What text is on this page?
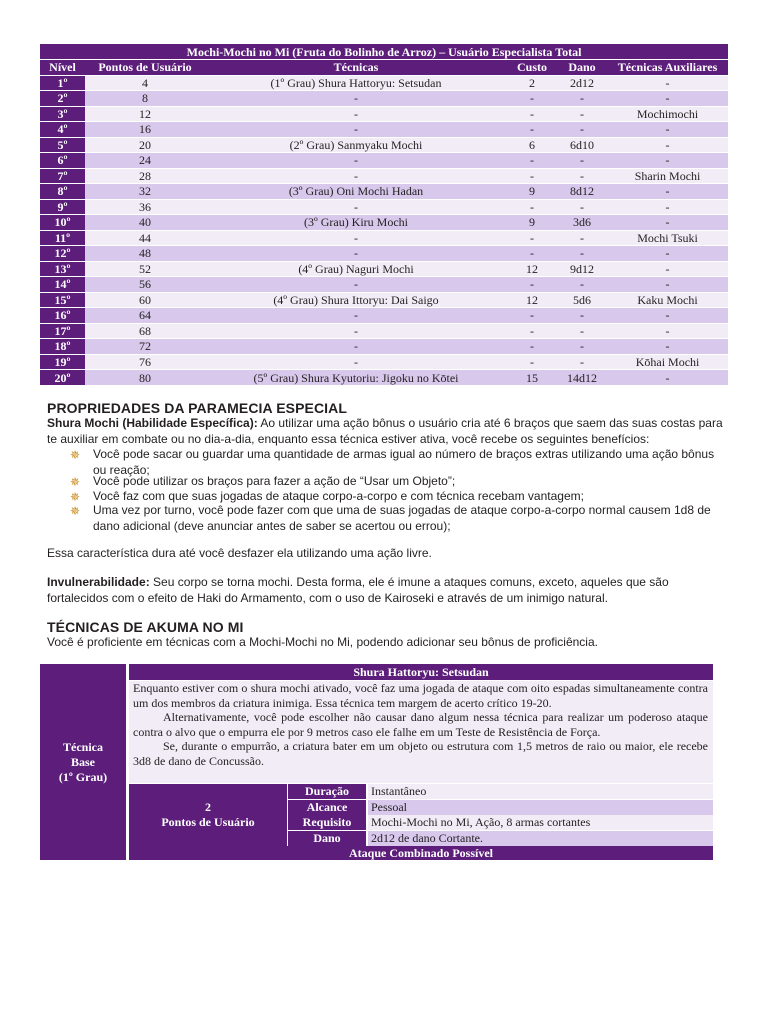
Mochi-Mochi no Mi (Fruta do Bolinho de Arroz) – Usuário Especialista Total					
Nível	Pontos de Usuário	Técnicas	Custo	Dano	Técnicas Auxiliares
1º	4	(1º Grau) Shura Hattoryu: Setsudan	2	2d12	-
2º	8	-	-	-	-
3º	12	-	-	-	Mochimochi
4º	16	-	-	-	-
5º	20	(2º Grau) Sanmyaku Mochi	6	6d10	-
6º	24	-	-	-	-
7º	28	-	-	-	Sharin Mochi
8º	32	(3º Grau) Oni Mochi Hadan	9	8d12	-
9º	36	-	-	-	-
10º	40	(3º Grau) Kiru Mochi	9	3d6	-
11º	44	-	-	-	Mochi Tsuki
12º	48	-	-	-	-
13º	52	(4º Grau) Naguri Mochi	12	9d12	-
14º	56	-	-	-	-
15º	60	(4º Grau) Shura Ittoryu: Dai Saigo	12	5d6	Kaku Mochi
16º	64	-	-	-	-
17º	68	-	-	-	-
18º	72	-	-	-	-
19º	76	-	-	-	Kōhai Mochi
20º	80	(5º Grau) Shura Kyutoriu: Jigoku no Kōtei	15	14d12	-
PROPRIEDADES DA PARAMECIA ESPECIAL
Shura Mochi (Habilidade Específica): Ao utilizar uma ação bônus o usuário cria até 6 braços que saem das suas costas para te auxiliar em combate ou no dia-a-dia, enquanto essa técnica estiver ativa, você recebe os seguintes benefícios:
✵ Você pode sacar ou guardar uma quantidade de armas igual ao número de braços extras utilizando uma ação bônus ou reação;
✵ Você pode utilizar os braços para fazer a ação de “Usar um Objeto”;
✵ Você faz com que suas jogadas de ataque corpo-a-corpo e com técnica recebam vantagem;
✵ Uma vez por turno, você pode fazer com que uma de suas jogadas de ataque corpo-a-corpo normal causem 1d8 de dano adicional (deve anunciar antes de saber se acertou ou errou);
Essa característica dura até você desfazer ela utilizando uma ação livre.
Invulnerabilidade: Seu corpo se torna mochi. Desta forma, ele é imune a ataques comuns, exceto, aqueles que são fortalecidos com o efeito de Haki do Armamento, com o uso de Kairoseki e através de um inimigo natural.
TÉCNICAS DE AKUMA NO MI
Você é proficiente em técnicas com a Mochi-Mochi no Mi, podendo adicionar seu bônus de proficiência.
Técnica
Base
(1º Grau)
Shura Hattoryu: Setsudan

Enquanto estiver com o shura mochi ativado, você faz uma jogada de ataque com oito espadas simultaneamente contra um dos membros da criatura inimiga. Essa técnica tem margem de acerto crítico 19-20.

Alternativamente, você pode escolher não causar dano algum nessa técnica para realizar um poderoso ataque contra o alvo que o empurra ele por 9 metros caso ele falhe em um Teste de Resistência de Força.

Se, durante o empurrão, a criatura bater em um objeto ou estrutura com 1,5 metros de raio ou maior, ele recebe 3d8 de dano de Concussão.

2
Pontos de Usuário
Duração	Instantâneo
Alcance	Pessoal
Requisito	Mochi-Mochi no Mi, Ação, 8 armas cortantes
Dano	2d12 de dano Cortante.
Ataque Combinado Possível
